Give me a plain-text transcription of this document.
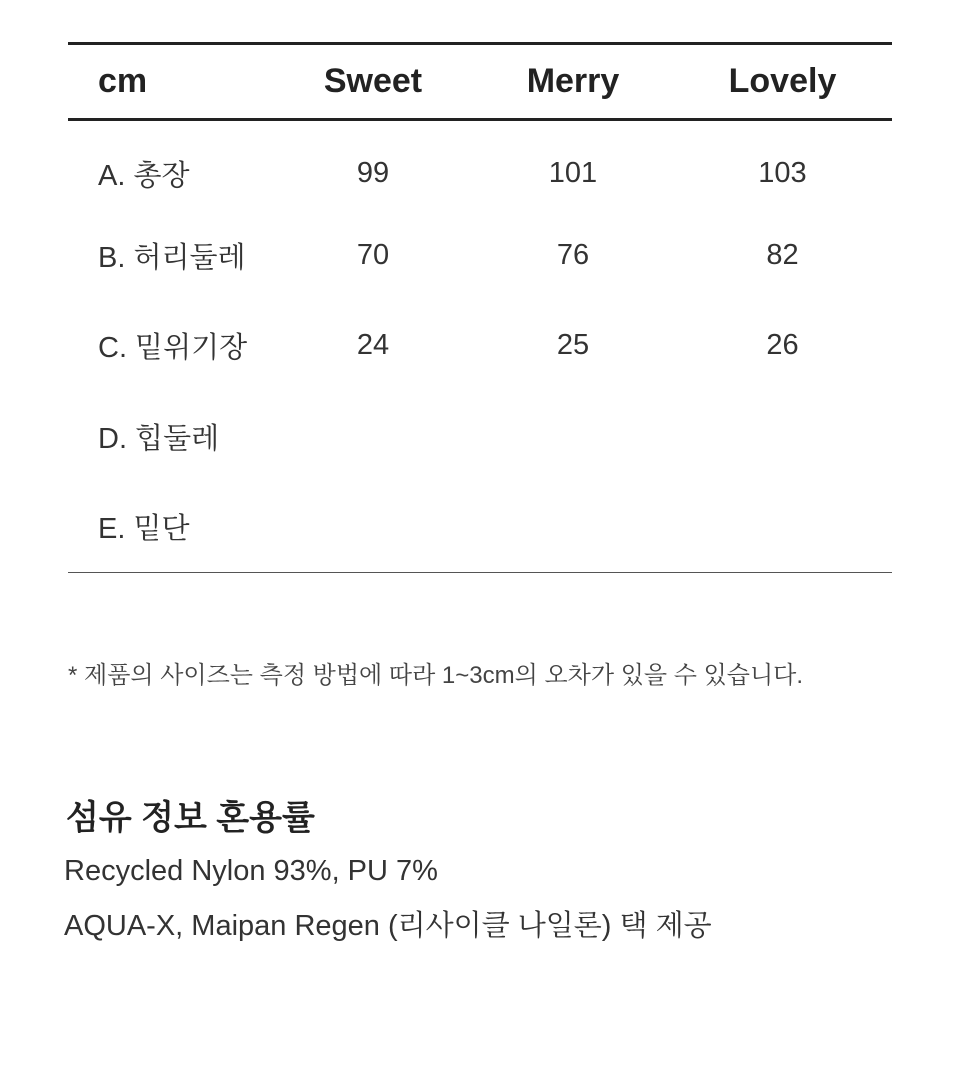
cm	Sweet	Merry	Lovely
A. 총장	99	101	103
B. 허리둘레	70	76	82
C. 밑위기장	24	25	26
D. 힙둘레			
E. 밑단			

* 제품의 사이즈는 측정 방법에 따라 1~3cm의 오차가 있을 수 있습니다.

섬유 정보 혼용률

Recycled Nylon 93%, PU 7%

AQUA-X, Maipan Regen (리사이클 나일론) 택 제공
